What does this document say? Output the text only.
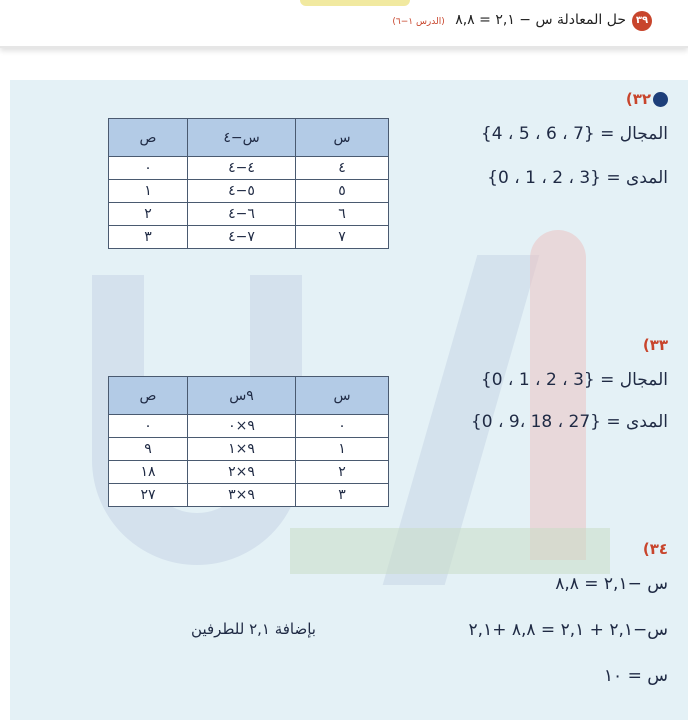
٣٩
حل المعادلة س − ٢,١ = ٨,٨ (الدرس ١−٦)
٣٢)
المجال = {7 ، 6 ، 5 ، 4}
المدى = {3 ، 2 ، 1 ، 0}
ص	س−٤	س
٠	٤−٤	٤
١	٥−٤	٥
٢	٦−٤	٦
٣	٧−٤	٧
٣٣)
المجال = {3 ، 2 ، 1 ، 0}
المدى = {27 ، 18 ،9 ، 0}
ص	٩س	س
٠	٩×٠	٠
٩	٩×١	١
١٨	٩×٢	٢
٢٧	٩×٣	٣
٣٤)
س −٢,١ = ٨,٨
س−٢,١ + ٢,١ = ٨,٨ +٢,١
بإضافة ٢,١ للطرفين
س = ١٠
